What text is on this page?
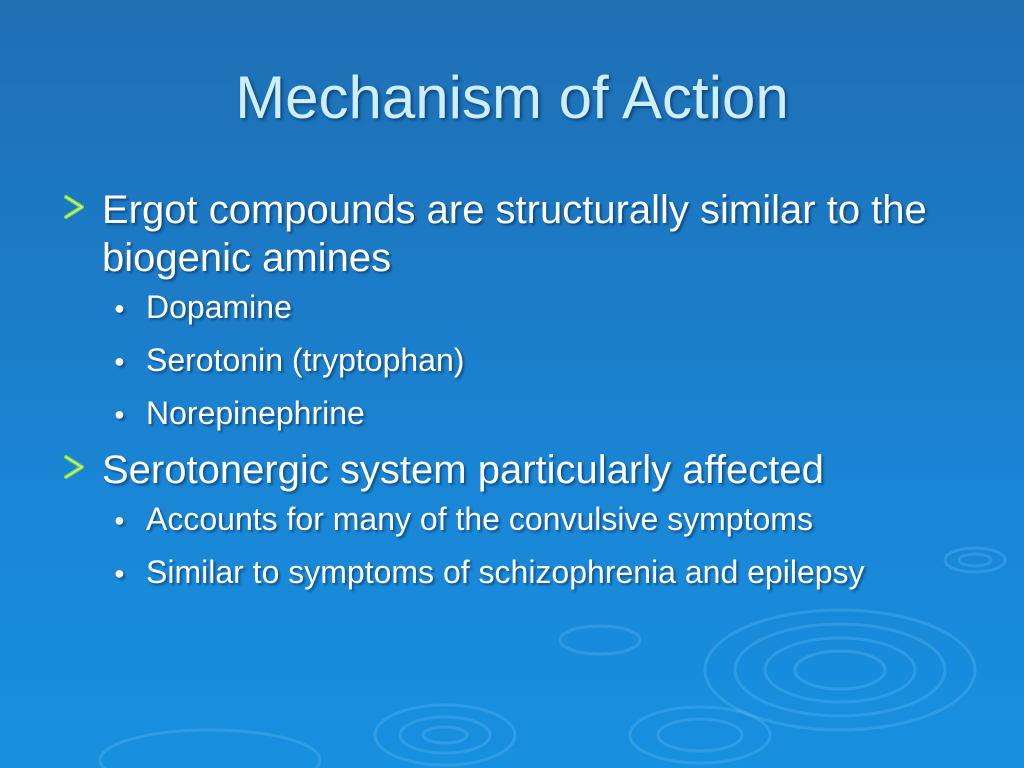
Mechanism of Action
Ergot compounds are structurally similar to the biogenic amines
● Dopamine
● Serotonin (tryptophan)
● Norepinephrine
Serotonergic system particularly affected
● Accounts for many of the convulsive symptoms
● Similar to symptoms of schizophrenia and epilepsy
